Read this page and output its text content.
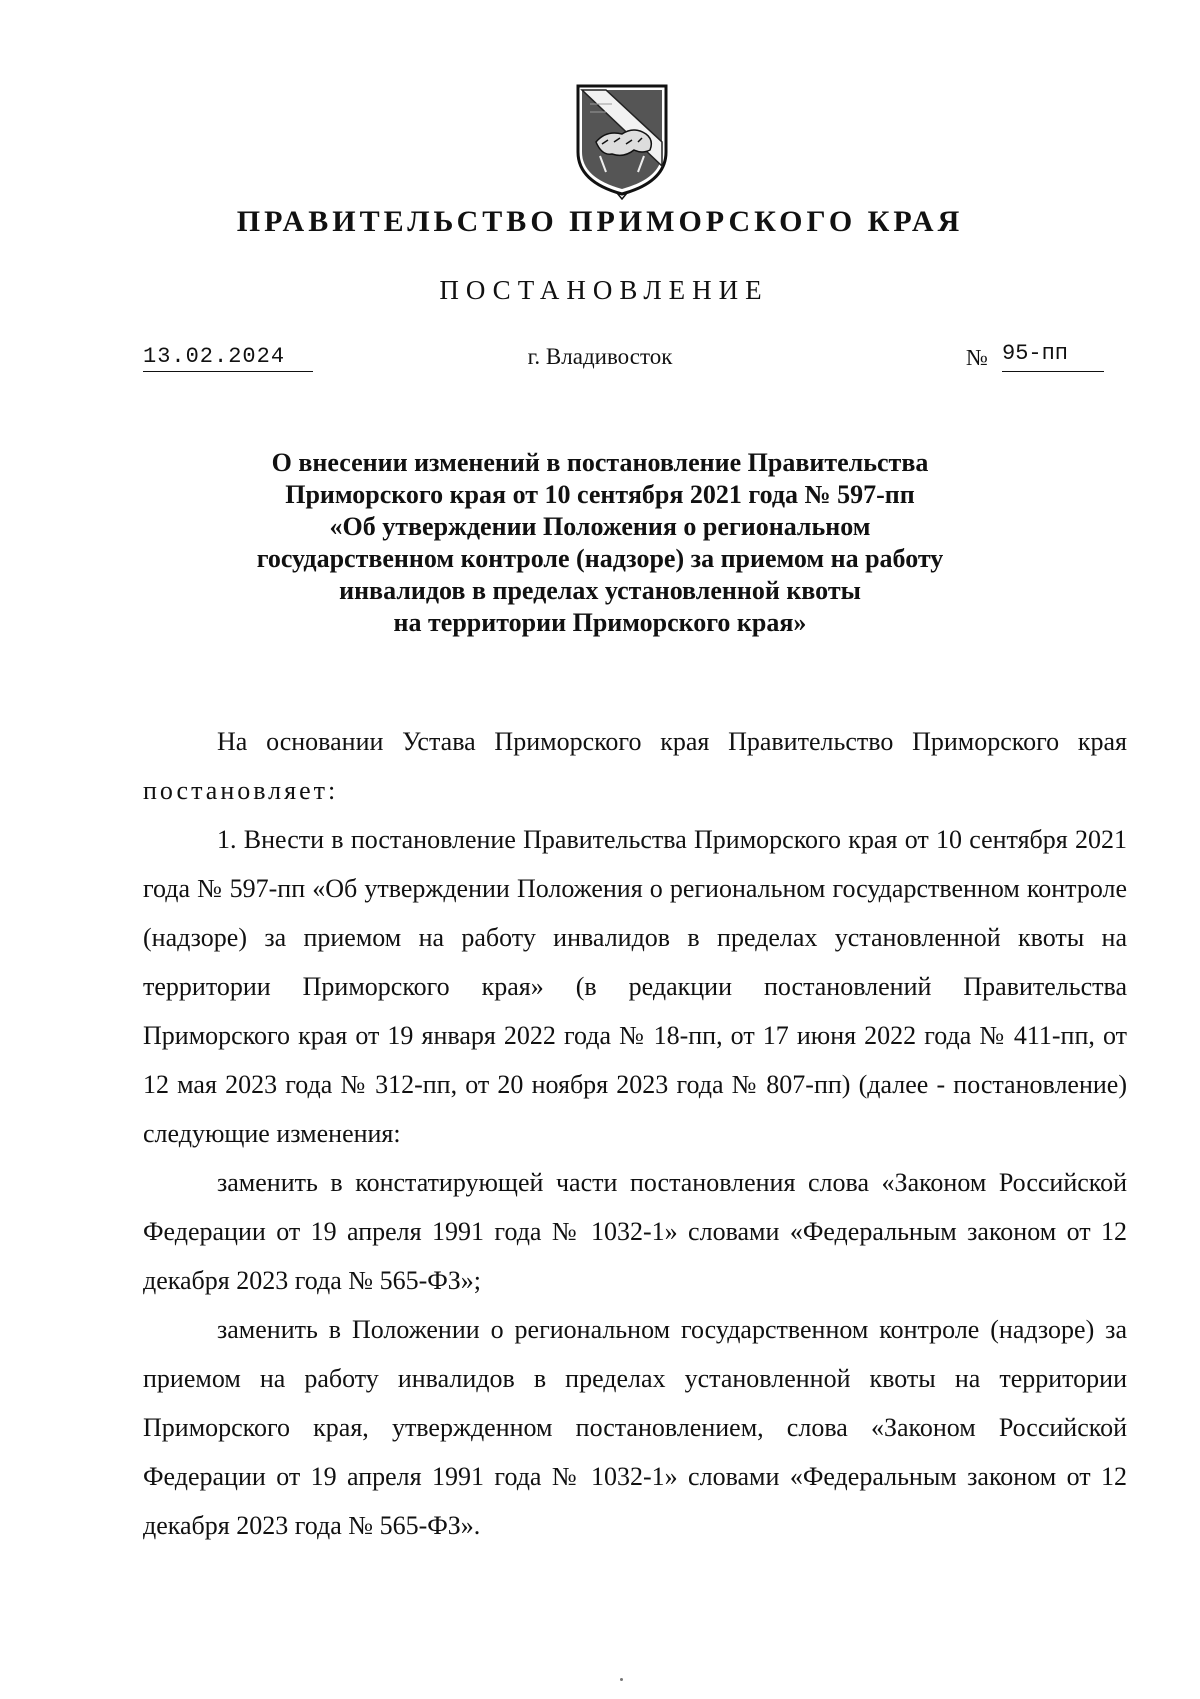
ПРАВИТЕЛЬСТВО ПРИМОРСКОГО КРАЯ
ПОСТАНОВЛЕНИЕ
13.02.2024	г. Владивосток	№ 95-пп
О внесении изменений в постановление Правительства
Приморского края от 10 сентября 2021 года № 597-пп
«Об утверждении Положения о региональном
государственном контроле (надзоре) за приемом на работу
инвалидов в пределах установленной квоты
на территории Приморского края»

На основании Устава Приморского края Правительство Приморского края постановляет:

1. Внести в постановление Правительства Приморского края от 10 сентября 2021 года № 597-пп «Об утверждении Положения о региональном государственном контроле (надзоре) за приемом на работу инвалидов в пределах установленной квоты на территории Приморского края» (в редакции постановлений Правительства Приморского края от 19 января 2022 года № 18-пп, от 17 июня 2022 года № 411-пп, от 12 мая 2023 года № 312-пп, от 20 ноября 2023 года № 807-пп) (далее - постановление) следующие изменения:

заменить в констатирующей части постановления слова «Законом Российской Федерации от 19 апреля 1991 года № 1032-1» словами «Федеральным законом от 12 декабря 2023 года № 565-ФЗ»;

заменить в Положении о региональном государственном контроле (надзоре) за приемом на работу инвалидов в пределах установленной квоты на территории Приморского края, утвержденном постановлением, слова «Законом Российской Федерации от 19 апреля 1991 года № 1032-1» словами «Федеральным законом от 12 декабря 2023 года № 565-ФЗ».
